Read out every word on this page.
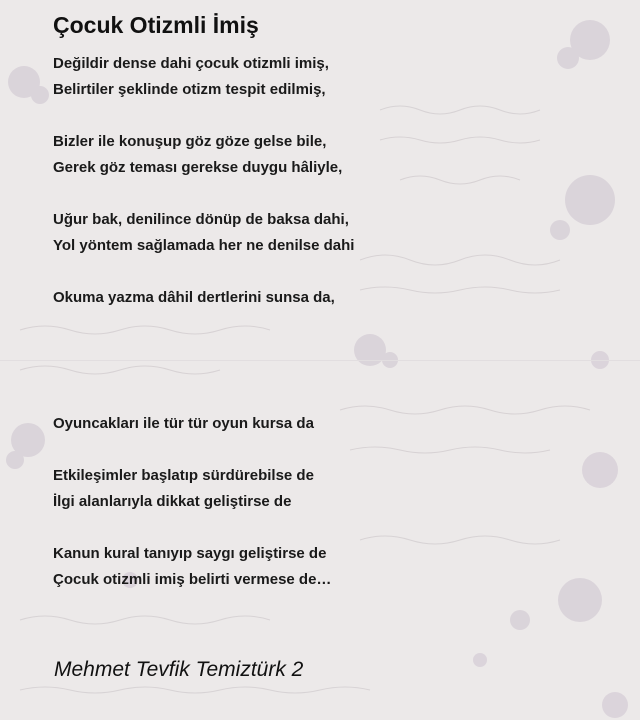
Çocuk Otizmli İmiş
Değildir dense dahi çocuk otizmli imiş,
Belirtiler şeklinde otizm tespit edilmiş,
Bizler ile konuşup göz göze gelse bile,
Gerek göz teması gerekse duygu hâliyle,
Uğur bak, denilince dönüp de baksa dahi,
Yol yöntem sağlamada her ne denilse dahi
Okuma yazma dâhil dertlerini sunsa da,
Oyuncakları ile tür tür oyun kursa da
Etkileşimler başlatıp sürdürebilse de
İlgi alanlarıyla dikkat geliştirse de
Kanun kural tanıyıp saygı geliştirse de
Çocuk otizmli imiş belirti vermese de…
Mehmet Tevfik Temiztürk 2
